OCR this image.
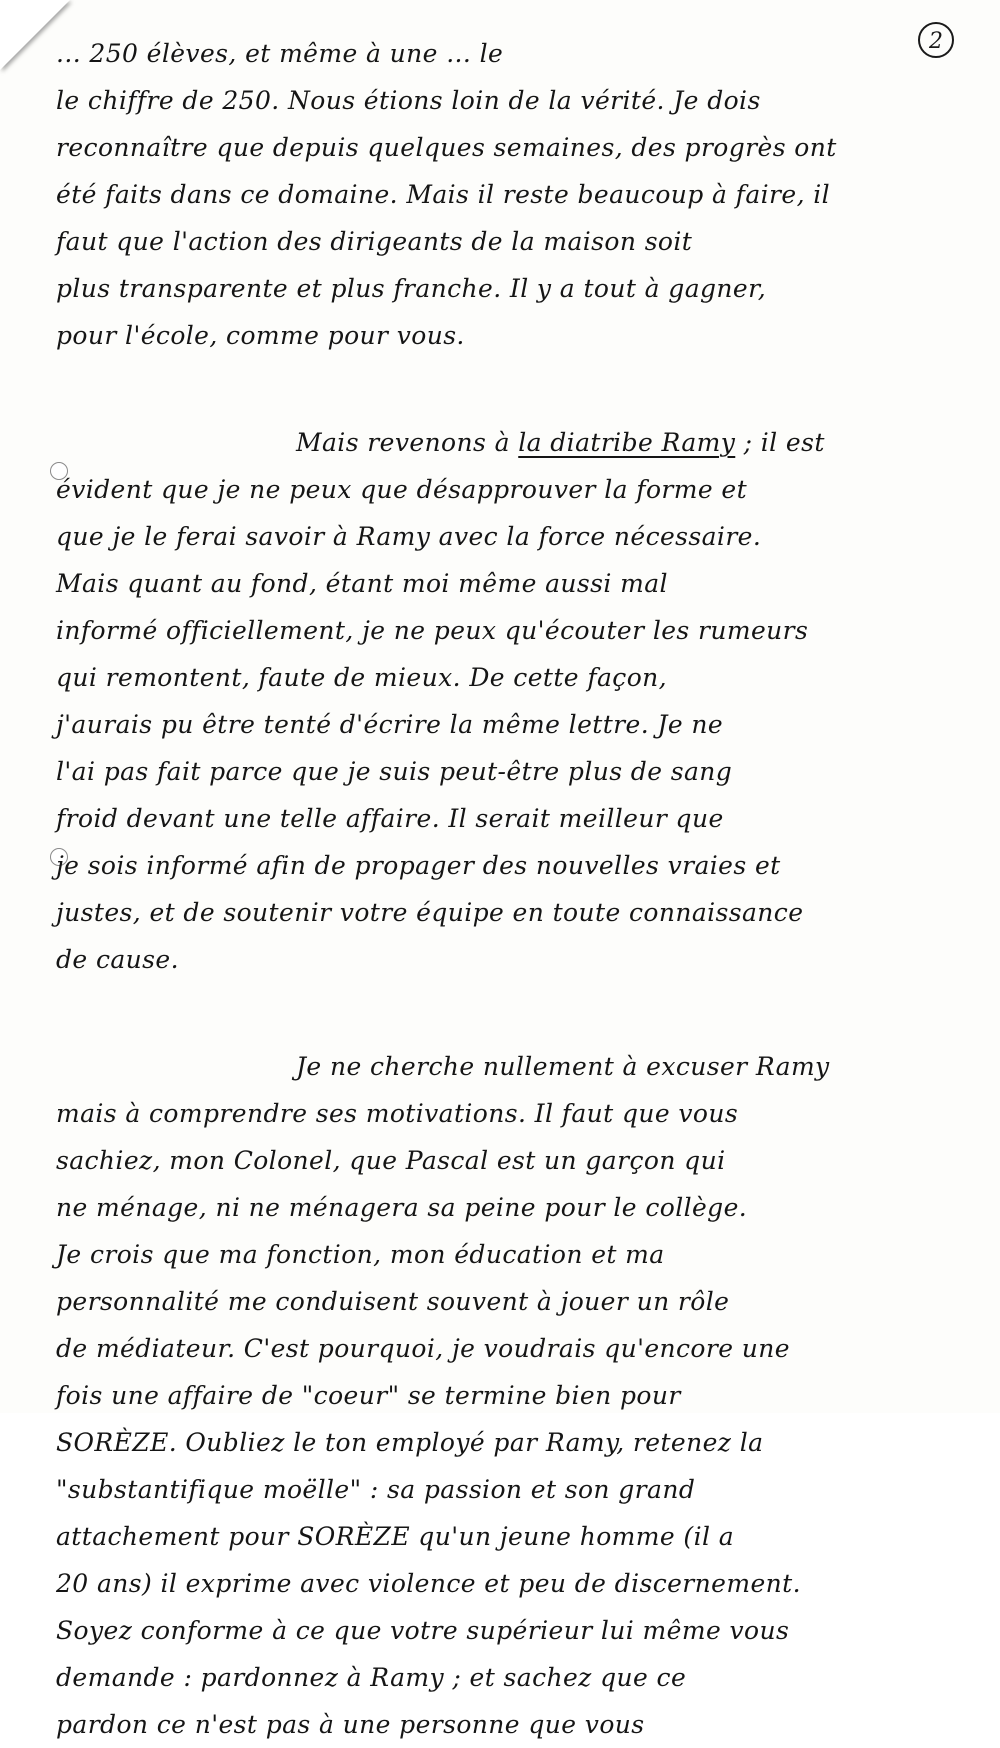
2
... 250 élèves, et même à une ... le
le chiffre de 250. Nous étions loin de la vérité. Je dois
reconnaître que depuis quelques semaines, des progrès ont
été faits dans ce domaine. Mais il reste beaucoup à faire, il
faut que l'action des dirigeants de la maison soit
plus transparente et plus franche. Il y a tout à gagner,
pour l'école, comme pour vous.
Mais revenons à la diatribe Ramy ; il est
évident que je ne peux que désapprouver la forme et
que je le ferai savoir à Ramy avec la force nécessaire.
Mais quant au fond, étant moi même aussi mal
informé officiellement, je ne peux qu'écouter les rumeurs
qui remontent, faute de mieux. De cette façon,
j'aurais pu être tenté d'écrire la même lettre. Je ne
l'ai pas fait parce que je suis peut-être plus de sang
froid devant une telle affaire. Il serait meilleur que
je sois informé afin de propager des nouvelles vraies et
justes, et de soutenir votre équipe en toute connaissance
de cause.
Je ne cherche nullement à excuser Ramy
mais à comprendre ses motivations. Il faut que vous
sachiez, mon Colonel, que Pascal est un garçon qui
ne ménage, ni ne ménagera sa peine pour le collège.
Je crois que ma fonction, mon éducation et ma
personnalité me conduisent souvent à jouer un rôle
de médiateur. C'est pourquoi, je voudrais qu'encore une
fois une affaire de "coeur" se termine bien pour
SORÈZE. Oubliez le ton employé par Ramy, retenez la
"substantifique moëlle" : sa passion et son grand
attachement pour SORÈZE qu'un jeune homme (il a
20 ans) il exprime avec violence et peu de discernement.
Soyez conforme à ce que votre supérieur lui même vous
demande : pardonnez à Ramy ; et sachez que ce
pardon ce n'est pas à une personne que vous
